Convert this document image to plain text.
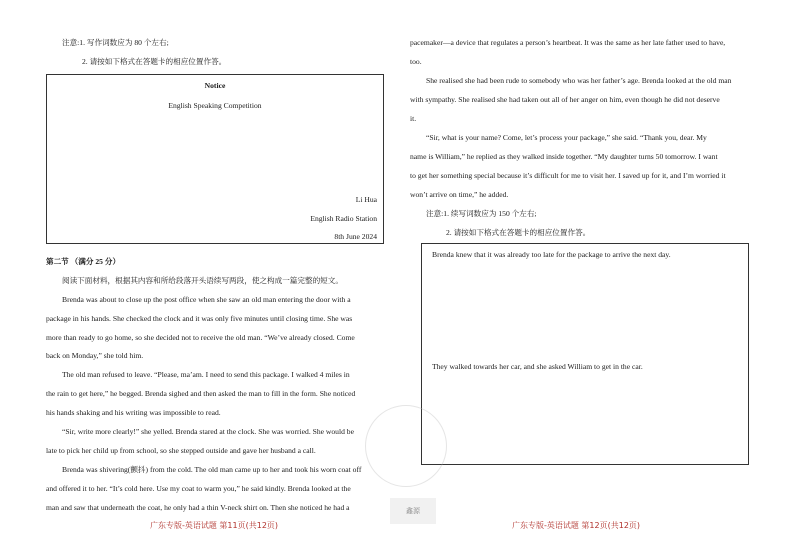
注意:1. 写作词数应为 80 个左右;
2. 请按如下格式在答题卡的相应位置作答。
Notice
English Speaking Competition
Li Hua
English Radio Station
8th June 2024
第二节 （满分 25 分）
阅读下面材料，根据其内容和所给段落开头语续写两段，使之构成一篇完整的短文。
Brenda was about to close up the post office when she saw an old man entering the door with a
package in his hands. She checked the clock and it was only five minutes until closing time. She was
more than ready to go home, so she decided not to receive the old man. “We’ve already closed. Come
back on Monday,” she told him.
The old man refused to leave. “Please, ma’am. I need to send this package. I walked 4 miles in
the rain to get here,” he begged. Brenda sighed and then asked the man to fill in the form. She noticed
his hands shaking and his writing was impossible to read.
“Sir, write more clearly!” she yelled. Brenda stared at the clock. She was worried. She would be
late to pick her child up from school, so she stepped outside and gave her husband a call.
Brenda was shivering(颤抖) from the cold. The old man came up to her and took his worn coat off
and offered it to her. “It’s cold here. Use my coat to warm you,” he said kindly. Brenda looked at the
man and saw that underneath the coat, he only had a thin V-neck shirt on. Then she noticed he had a
广东专版-英语试题 第11页(共12页)
pacemaker—a device that regulates a person’s heartbeat. It was the same as her late father used to have,
too.
She realised she had been rude to somebody who was her father’s age. Brenda looked at the old man
with sympathy. She realised she had taken out all of her anger on him, even though he did not deserve
it.
“Sir, what is your name? Come, let’s process your package,” she said. “Thank you, dear. My
name is William,” he replied as they walked inside together. “My daughter turns 50 tomorrow. I want
to get her something special because it’s difficult for me to visit her. I saved up for it, and I’m worried it
won’t arrive on time,” he added.
注意:1. 续写词数应为 150 个左右;
2. 请按如下格式在答题卡的相应位置作答。
广东专版-英语试题 第12页(共12页)
Brenda knew that it was already too late for the package to arrive the next day.
They walked towards her car, and she asked William to get in the car.
鑫源
